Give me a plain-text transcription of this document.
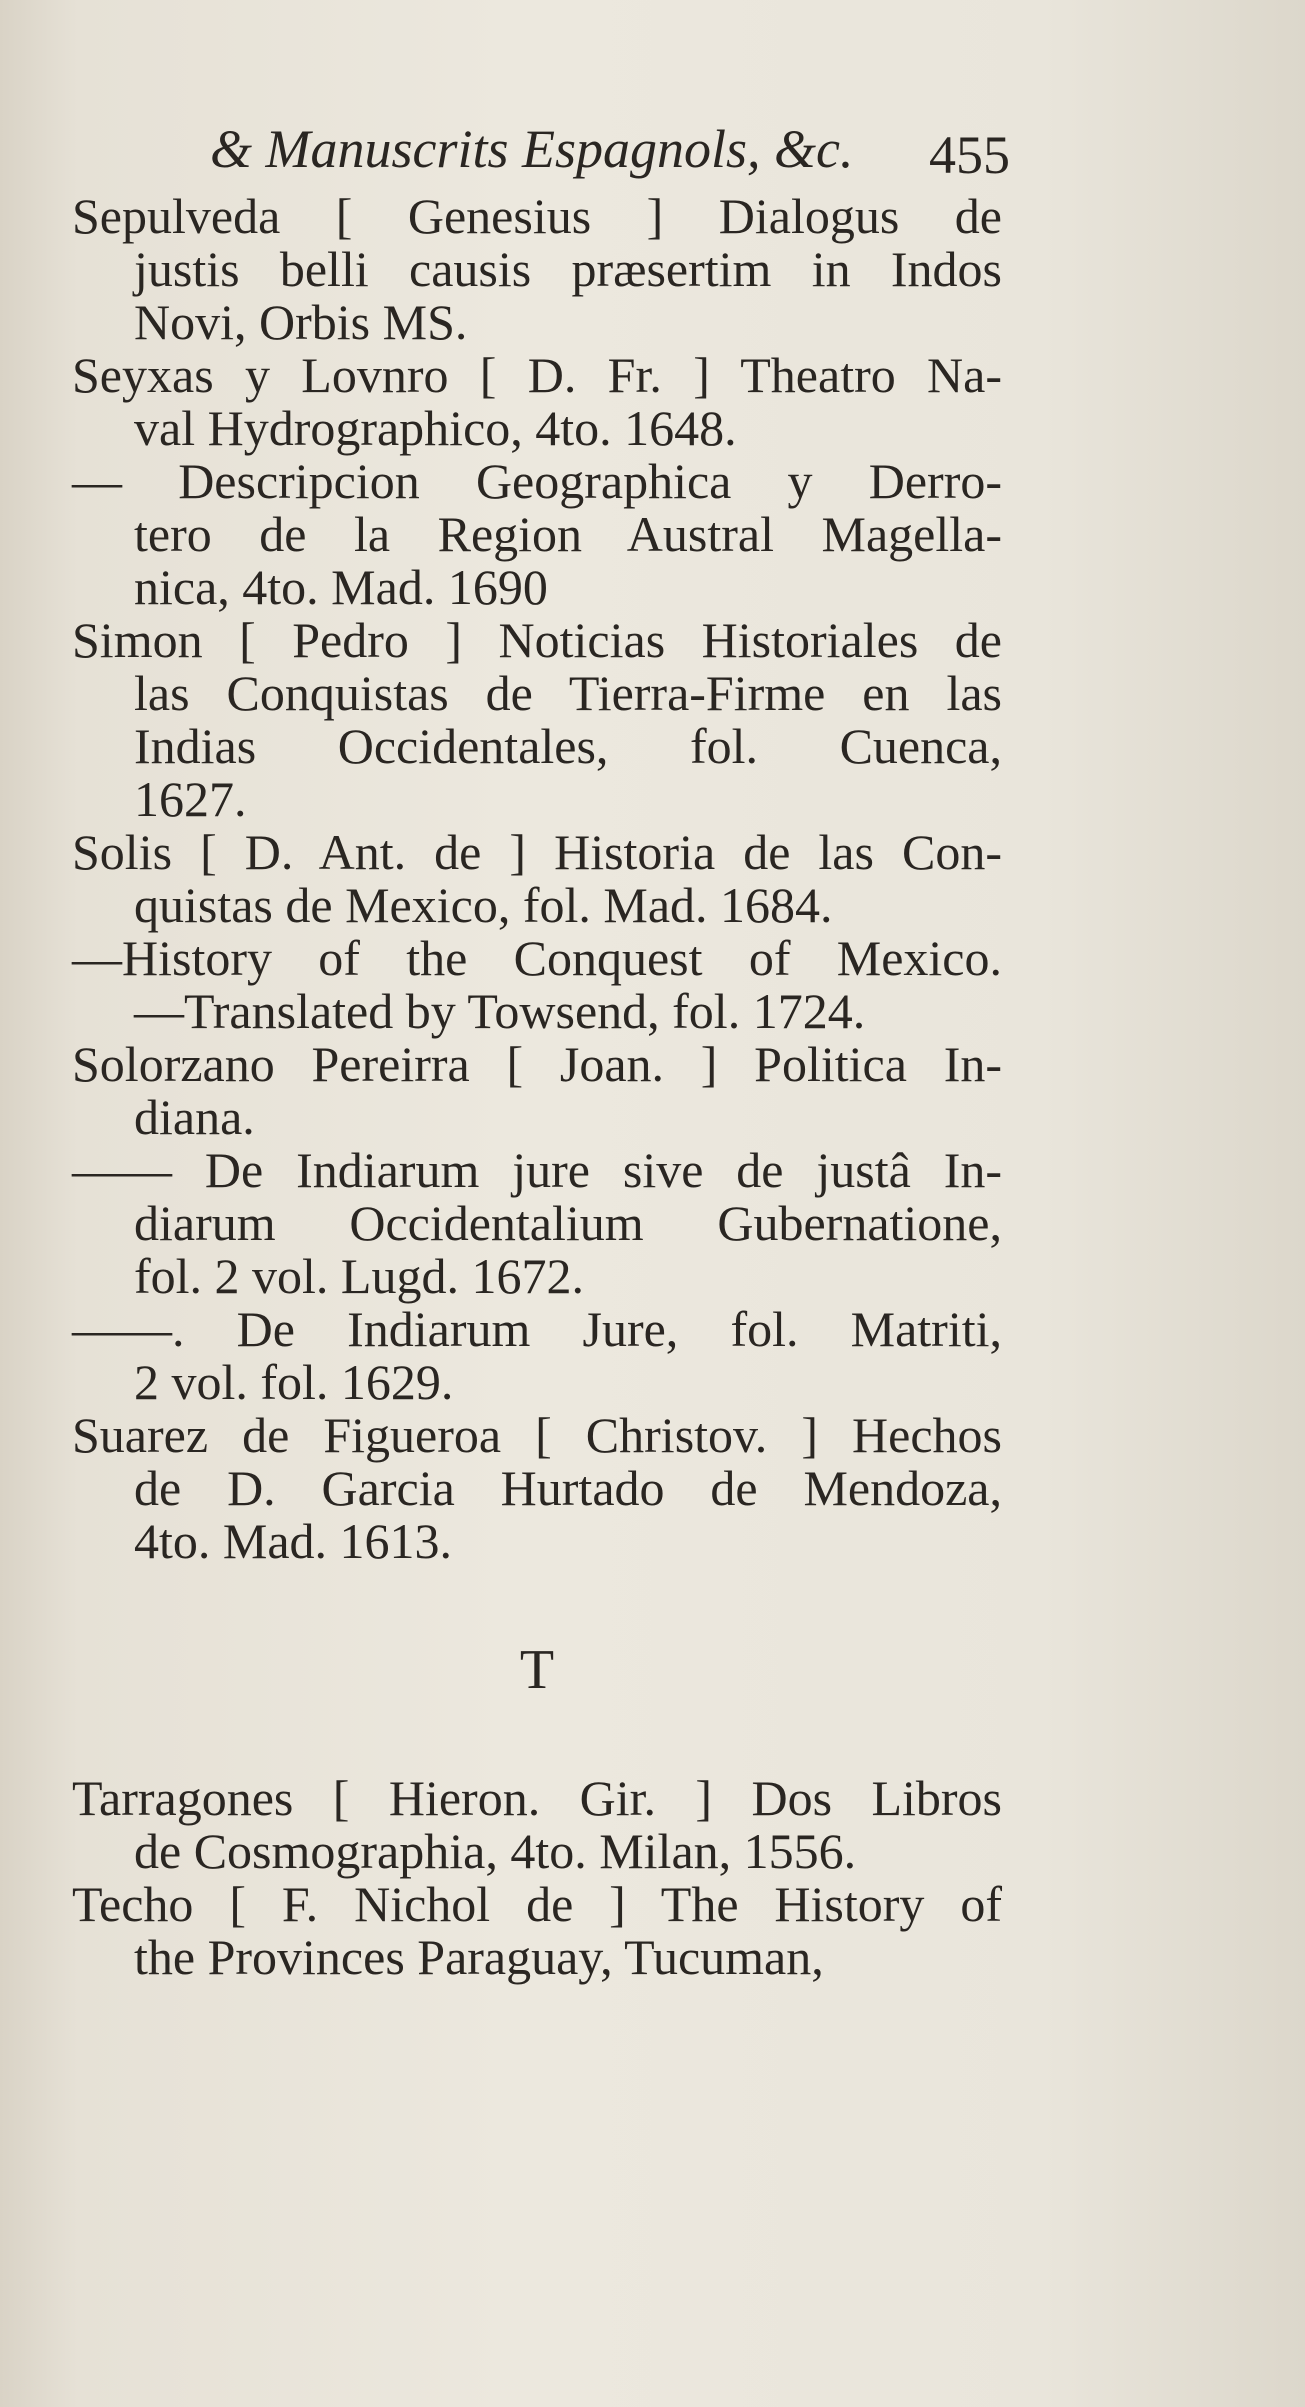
& Manuscrits Espagnols, &c. 455
Sepulveda [ Genesius ] Dialogus de
justis belli causis præsertim in Indos
Novi, Orbis MS.
Seyxas y Lovnro [ D. Fr. ] Theatro Na-
val Hydrographico, 4to. 1648.
— Descripcion Geographica y Derro-
tero de la Region Austral Magella-
nica, 4to. Mad. 1690
Simon [ Pedro ] Noticias Historiales de
las Conquistas de Tierra-Firme en las
Indias Occidentales, fol. Cuenca,
1627.
Solis [ D. Ant. de ] Historia de las Con-
quistas de Mexico, fol. Mad. 1684.
—History of the Conquest of Mexico.
—Translated by Towsend, fol. 1724.
Solorzano Pereirra [ Joan. ] Politica In-
diana.
—— De Indiarum jure sive de justâ In-
diarum Occidentalium Gubernatione,
fol. 2 vol. Lugd. 1672.
——. De Indiarum Jure, fol. Matriti,
2 vol. fol. 1629.
Suarez de Figueroa [ Christov. ] Hechos
de D. Garcia Hurtado de Mendoza,
4to. Mad. 1613.
T
Tarragones [ Hieron. Gir. ] Dos Libros
de Cosmographia, 4to. Milan, 1556.
Techo [ F. Nichol de ] The History of
the Provinces Paraguay, Tucuman,
